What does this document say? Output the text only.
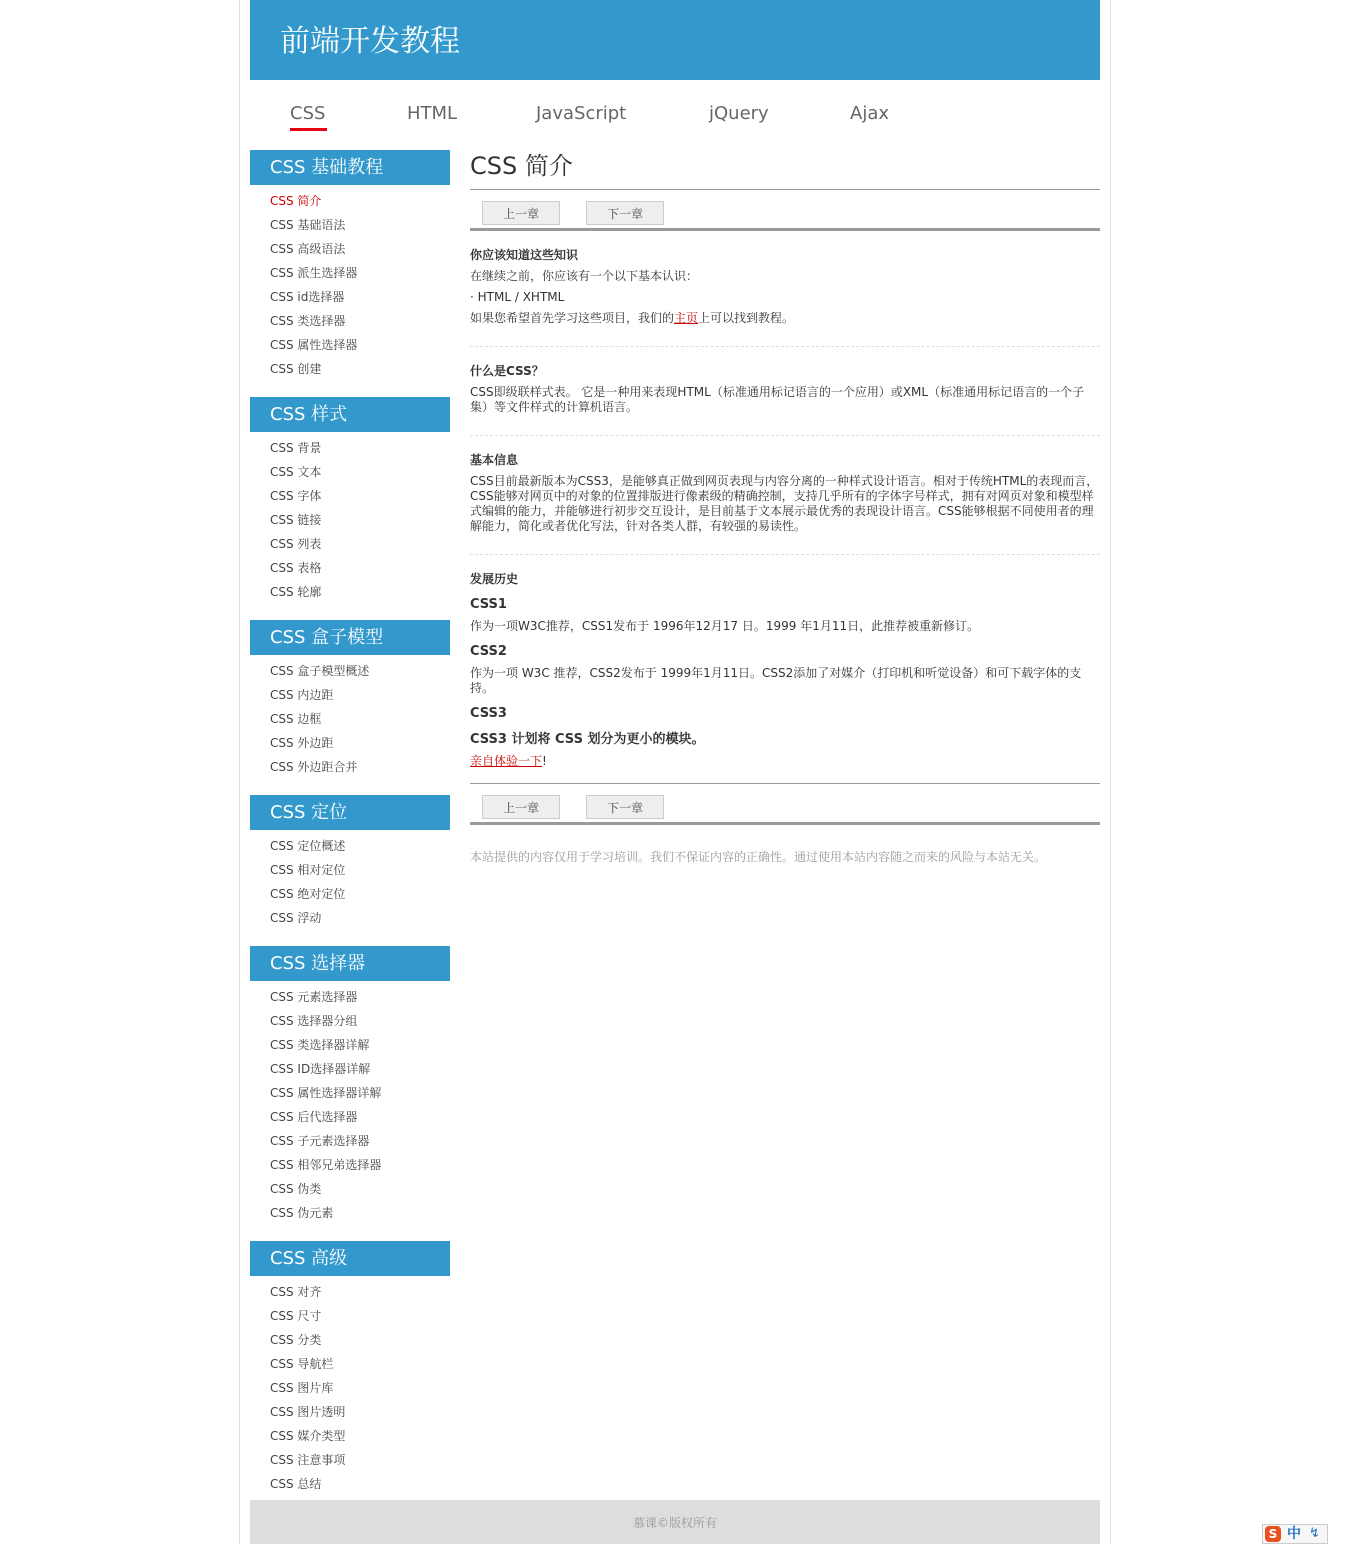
前端开发教程
CSS	HTML	JavaScript	jQuery	Ajax
CSS 基础教程
CSS 简介
CSS 基础语法
CSS 高级语法
CSS 派生选择器
CSS id选择器
CSS 类选择器
CSS 属性选择器
CSS 创建
CSS 样式
CSS 背景
CSS 文本
CSS 字体
CSS 链接
CSS 列表
CSS 表格
CSS 轮廓
CSS 盒子模型
CSS 盒子模型概述
CSS 内边距
CSS 边框
CSS 外边距
CSS 外边距合并
CSS 定位
CSS 定位概述
CSS 相对定位
CSS 绝对定位
CSS 浮动
CSS 选择器
CSS 元素选择器
CSS 选择器分组
CSS 类选择器详解
CSS ID选择器详解
CSS 属性选择器详解
CSS 后代选择器
CSS 子元素选择器
CSS 相邻兄弟选择器
CSS 伪类
CSS 伪元素
CSS 高级
CSS 对齐
CSS 尺寸
CSS 分类
CSS 导航栏
CSS 图片库
CSS 图片透明
CSS 媒介类型
CSS 注意事项
CSS 总结
CSS 简介
上一章	下一章

你应该知道这些知识

在继续之前，你应该有一个以下基本认识：

· HTML / XHTML

如果您希望首先学习这些项目，我们的主页上可以找到教程。

什么是CSS？

CSS即级联样式表。 它是一种用来表现HTML（标准通用标记语言的一个应用）或XML（标准通用标记语言的一个子集）等文件样式的计算机语言。

基本信息

CSS目前最新版本为CSS3，是能够真正做到网页表现与内容分离的一种样式设计语言。相对于传统HTML的表现而言，CSS能够对网页中的对象的位置排版进行像素级的精确控制，支持几乎所有的字体字号样式，拥有对网页对象和模型样式编辑的能力，并能够进行初步交互设计，是目前基于文本展示最优秀的表现设计语言。CSS能够根据不同使用者的理解能力，简化或者优化写法，针对各类人群，有较强的易读性。

发展历史

CSS1

作为一项W3C推荐，CSS1发布于 1996年12月17 日。1999 年1月11日，此推荐被重新修订。

CSS2

作为一项 W3C 推荐，CSS2发布于 1999年1月11日。CSS2添加了对媒介（打印机和听觉设备）和可下载字体的支持。

CSS3

CSS3 计划将 CSS 划分为更小的模块。

亲自体验一下!

上一章	下一章

本站提供的内容仅用于学习培训。我们不保证内容的正确性。通过使用本站内容随之而来的风险与本站无关。

慕课©版权所有
S 中 ↯
